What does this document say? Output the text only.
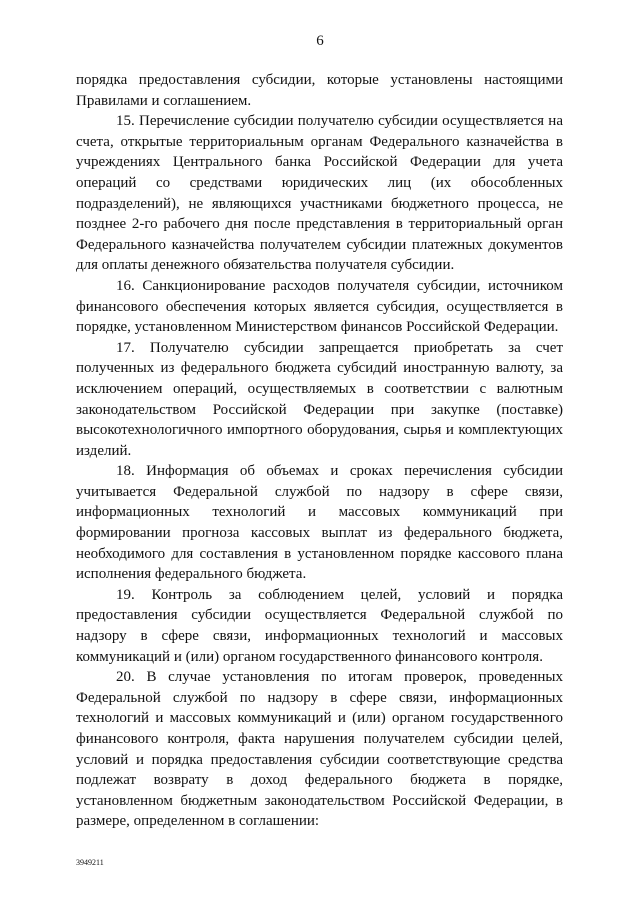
6

порядка предоставления субсидии, которые установлены настоящими Правилами и соглашением.

15. Перечисление субсидии получателю субсидии осуществляется на счета, открытые территориальным органам Федерального казначейства в учреждениях Центрального банка Российской Федерации для учета операций со средствами юридических лиц (их обособленных подразделений), не являющихся участниками бюджетного процесса, не позднее 2-го рабочего дня после представления в территориальный орган Федерального казначейства получателем субсидии платежных документов для оплаты денежного обязательства получателя субсидии.

16. Санкционирование расходов получателя субсидии, источником финансового обеспечения которых является субсидия, осуществляется в порядке, установленном Министерством финансов Российской Федерации.

17. Получателю субсидии запрещается приобретать за счет полученных из федерального бюджета субсидий иностранную валюту, за исключением операций, осуществляемых в соответствии с валютным законодательством Российской Федерации при закупке (поставке) высокотехнологичного импортного оборудования, сырья и комплектующих изделий.

18. Информация об объемах и сроках перечисления субсидии учитывается Федеральной службой по надзору в сфере связи, информационных технологий и массовых коммуникаций при формировании прогноза кассовых выплат из федерального бюджета, необходимого для составления в установленном порядке кассового плана исполнения федерального бюджета.

19. Контроль за соблюдением целей, условий и порядка предоставления субсидии осуществляется Федеральной службой по надзору в сфере связи, информационных технологий и массовых коммуникаций и (или) органом государственного финансового контроля.

20. В случае установления по итогам проверок, проведенных Федеральной службой по надзору в сфере связи, информационных технологий и массовых коммуникаций и (или) органом государственного финансового контроля, факта нарушения получателем субсидии целей, условий и порядка предоставления субсидии соответствующие средства подлежат возврату в доход федерального бюджета в порядке, установленном бюджетным законодательством Российской Федерации, в размере, определенном в соглашении:

3949211
